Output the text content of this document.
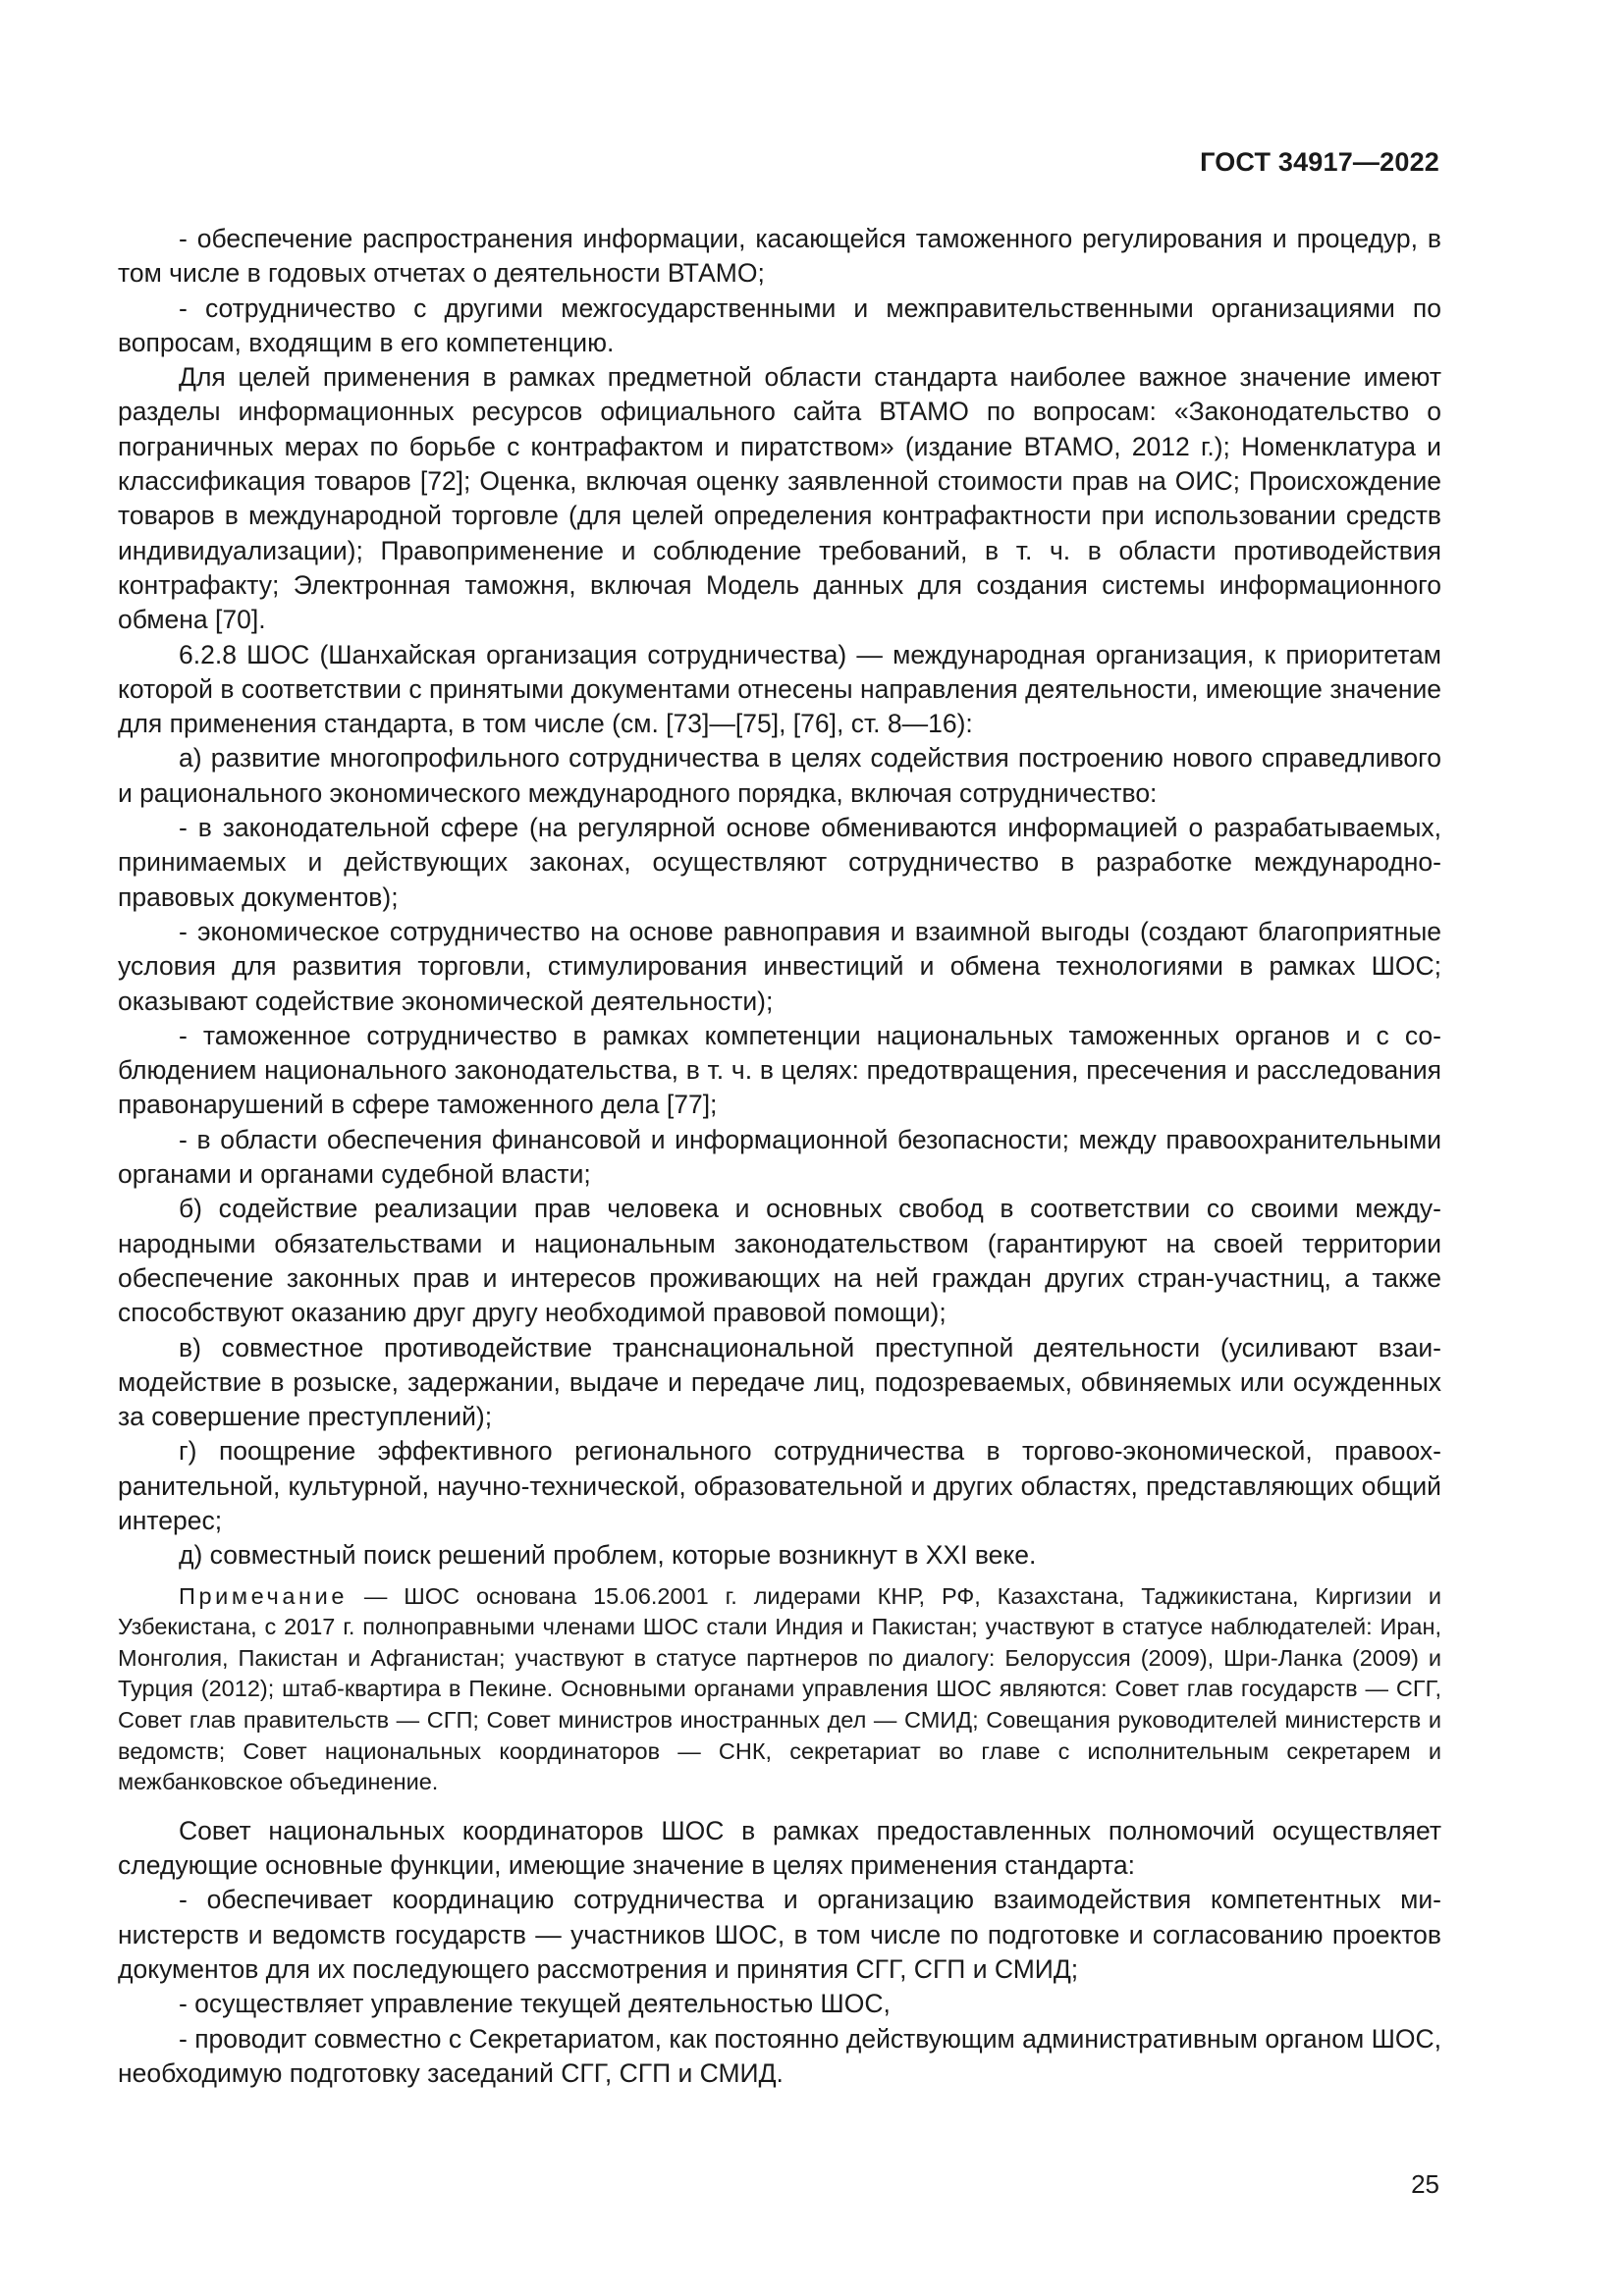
ГОСТ 34917—2022

- обеспечение распространения информации, касающейся таможенного регулирования и процедур, в том числе в годовых отчетах о деятельности ВТАМО;

- сотрудничество с другими межгосударственными и межправительственными организациями по вопросам, входящим в его компетенцию.

Для целей применения в рамках предметной области стандарта наиболее важное значение имеют разделы информационных ресурсов официального сайта ВТАМО по вопросам: «Законодательство о пограничных мерах по борьбе с контрафактом и пиратством» (издание ВТАМО, 2012 г.); Номенклатура и классификация товаров [72]; Оценка, включая оценку заявленной стоимости прав на ОИС; Происхождение товаров в международной торговле (для целей определения контрафактности при использовании средств индивидуализации); Правоприменение и соблюдение требований, в т. ч. в области противодействия контрафакту; Электронная таможня, включая Модель данных для создания системы информационного обмена [70].

6.2.8 ШОС (Шанхайская организация сотрудничества) — международная организация, к приоритетам которой в соответствии с принятыми документами отнесены направления деятельности, имеющие значение для применения стандарта, в том числе (см. [73]—[75], [76], ст. 8—16):

а) развитие многопрофильного сотрудничества в целях содействия построению нового справедливого и рационального экономического международного порядка, включая сотрудничество:

- в законодательной сфере (на регулярной основе обмениваются информацией о разрабатываемых, принимаемых и действующих законах, осуществляют сотрудничество в разработке международно-правовых документов);

- экономическое сотрудничество на основе равноправия и взаимной выгоды (создают благоприятные условия для развития торговли, стимулирования инвестиций и обмена технологиями в рамках ШОС; оказывают содействие экономической деятельности);

- таможенное сотрудничество в рамках компетенции национальных таможенных органов и с соблюдением национального законодательства, в т. ч. в целях: предотвращения, пресечения и расследования правонарушений в сфере таможенного дела [77];

- в области обеспечения финансовой и информационной безопасности; между правоохранительными органами и органами судебной власти;

б) содействие реализации прав человека и основных свобод в соответствии со своими международными обязательствами и национальным законодательством (гарантируют на своей территории обеспечение законных прав и интересов проживающих на ней граждан других стран-участниц, а также способствуют оказанию друг другу необходимой правовой помощи);

в) совместное противодействие транснациональной преступной деятельности (усиливают взаимодействие в розыске, задержании, выдаче и передаче лиц, подозреваемых, обвиняемых или осужденных за совершение преступлений);

г) поощрение эффективного регионального сотрудничества в торгово-экономической, правоохранительной, культурной, научно-технической, образовательной и других областях, представляющих общий интерес;

д) совместный поиск решений проблем, которые возникнут в XXI веке.

Примечание — ШОС основана 15.06.2001 г. лидерами КНР, РФ, Казахстана, Таджикистана, Киргизии и Узбекистана, с 2017 г. полноправными членами ШОС стали Индия и Пакистан; участвуют в статусе наблюдателей: Иран, Монголия, Пакистан и Афганистан; участвуют в статусе партнеров по диалогу: Белоруссия (2009), Шри-Ланка (2009) и Турция (2012); штаб-квартира в Пекине. Основными органами управления ШОС являются: Совет глав государств — СГГ, Совет глав правительств — СГП; Совет министров иностранных дел — СМИД; Совещания руководителей министерств и ведомств; Совет национальных координаторов — СНК, секретариат во главе с исполнительным секретарем и межбанковское объединение.

Совет национальных координаторов ШОС в рамках предоставленных полномочий осуществляет следующие основные функции, имеющие значение в целях применения стандарта:

- обеспечивает координацию сотрудничества и организацию взаимодействия компетентных министерств и ведомств государств — участников ШОС, в том числе по подготовке и согласованию проектов документов для их последующего рассмотрения и принятия СГГ, СГП и СМИД;

- осуществляет управление текущей деятельностью ШОС,

- проводит совместно с Секретариатом, как постоянно действующим административным органом ШОС, необходимую подготовку заседаний СГГ, СГП и СМИД.

25
